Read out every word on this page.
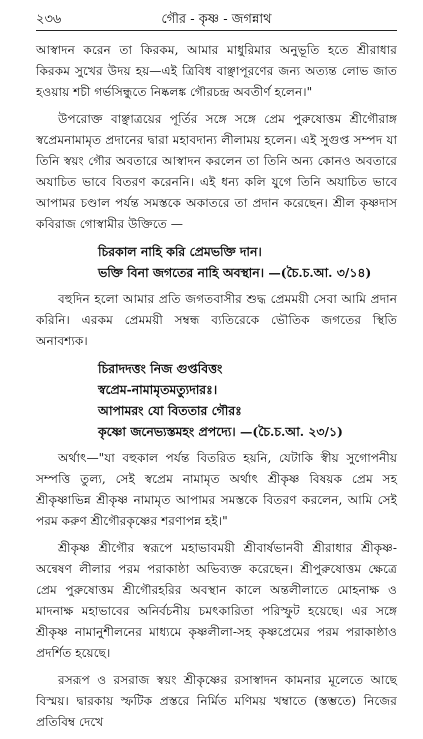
২৩৬	গৌর - কৃষ্ণ - জগন্নাথ

আস্বাদন করেন তা কিরকম, আমার মাধুরিমার অনুভূতি হতে শ্রীরাধার কিরকম সুখের উদয় হয়—এই ত্রিবিধ বাঞ্ছাপূরণের জন্য অত্যন্ত লোভ জাত হওয়ায় শচী গর্ভসিন্ধুতে নিষ্কলঙ্ক গৌরচন্দ্র অবতীর্ণ হলেন।"

উপরোক্ত বাঞ্ছাত্রয়ের পূর্তির সঙ্গে সঙ্গে প্রেম পুরুষোত্তম শ্রীগৌরাঙ্গ স্বপ্রেমনামামৃত প্রদানের দ্বারা মহাবদান্য লীলাময় হলেন। এই সুগুপ্ত সম্পদ যা তিনি স্বয়ং গৌর অবতারে আস্বাদন করলেন তা তিনি অন্য কোনও অবতারে অযাচিত ভাবে বিতরণ করেননি। এই ধন্য কলি যুগে তিনি অযাচিত ভাবে আপামর চণ্ডাল পর্যন্ত সমস্তকে অকাতরে তা প্রদান করেছেন। শ্রীল কৃষ্ণদাস কবিরাজ গোস্বামীর উক্তিতে —

চিরকাল নাহি করি প্রেমভক্তি দান।
ভক্তি বিনা জগতের নাহি অবস্থান। —(চৈ.চ.আ. ৩/১৪)

বহুদিন হলো আমার প্রতি জগতবাসীর শুদ্ধ প্রেমময়ী সেবা আমি প্রদান করিনি। এরকম প্রেমময়ী সম্বন্ধ ব্যতিরেকে ভৌতিক জগতের স্থিতি অনাবশ্যক।

চিরাদদত্তং নিজ গুপ্তবিত্তং
স্বপ্রেম-নামামৃতমত্যুদারঃ।
আপামরং যো বিততার গৌরঃ
কৃষ্ণো জনেভ্যস্তমহং প্রপদ্যে। —(চৈ.চ.আ. ২৩/১)

অর্থাৎ—"যা বহুকাল পর্যন্ত বিতরিত হয়নি, যেটাকি স্বীয় সুগোপনীয় সম্পত্তি তুল্য, সেই স্বপ্রেম নামামৃত অর্থাৎ শ্রীকৃষ্ণ বিষয়ক প্রেম সহ শ্রীকৃষ্ণাভিন্ন শ্রীকৃষ্ণ নামামৃত আপামর সমস্তকে বিতরণ করলেন, আমি সেই পরম করুণ শ্রীগৌরকৃষ্ণের শরণাপন্ন হই।"

শ্রীকৃষ্ণ শ্রীগৌর স্বরূপে মহাভাবময়ী শ্রীবার্ষভানবী শ্রীরাধার শ্রীকৃষ্ণ-অন্বেষণ লীলার পরম পরাকাষ্ঠা অভিব্যক্ত করেছেন। শ্রীপুরুষোত্তম ক্ষেত্রে প্রেম পুরুষোত্তম শ্রীগৌরহরির অবস্থান কালে অন্তলীলাতে মোহনাক্ষ ও মাদনাক্ষ মহাভাবের অনির্বচনীয় চমৎকারিতা পরিস্ফুট হয়েছে। এর সঙ্গে শ্রীকৃষ্ণ নামানুশীলনের মাধ্যমে কৃষ্ণলীলা-সহ কৃষ্ণপ্রেমের পরম পরাকাষ্ঠাও প্রদর্শিত হয়েছে।

রসরূপ ও রসরাজ স্বয়ং শ্রীকৃষ্ণের রসাস্বাদন কামনার মূলেতে আছে বিস্ময়। দ্বারকায় স্ফটিক প্রস্তরে নির্মিত মণিময় খম্বাতে (স্তম্ভতে) নিজের প্রতিবিম্ব দেখে
